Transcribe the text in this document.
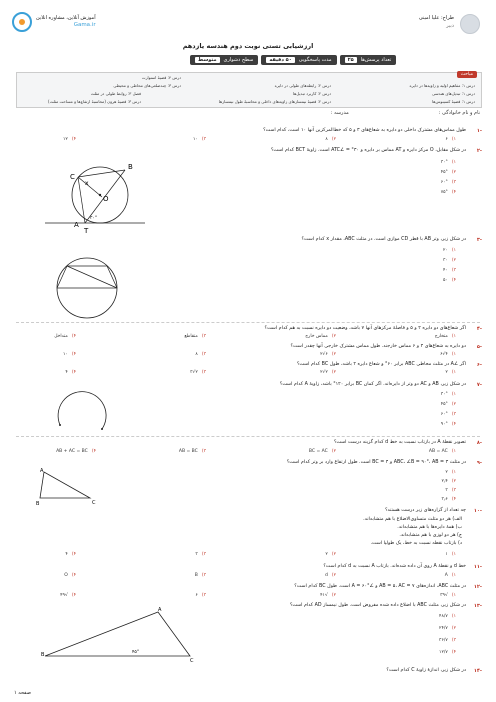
طراح: علیا امینی
دبیر
آموزش آنلاین، مشاوره انلاین
Gama.ir
ارزشیابی تستی نوبت دوم هندسه یازدهم
تعداد پرسش‌ها
۲۵
مدت پاسخگویی
۵۰ دقیقه
سطح دشواری
متوسط
مباحث
درس ۱: مفاهیم اولیه و زاویه‌ها در دایره
درس ۲: رابطه‌های طولی در دایره
درس ۳: چندضلعی‌های محاطی و محیطی
درس ۱: تبدیل‌های هندسی
درس ۲: کاربرد تبدیل‌ها
درس ۱: قضیهٔ کسینوس‌ها
درس ۲: قضیهٔ نیمسازهای زاویه‌های داخلی و محاسبهٔ طول نیمسازها
فصل ۳: روابط طولی در مثلث
درس ۳: قضیهٔ هرون (محاسبهٔ ارتفاع‌ها و مساحت مثلث)
درس ۴: قضیهٔ استوارت
نام و نام خانوادگی :
مدرسه :
۱-
طول مماس‌های مشترک داخلی دو دایره به شعاع‌های ۳ و ۵ که خط‌المرکزین آنها ۱۰ است، کدام است؟
۱)۶
۲)۸
۳)۱۰
۴)۱۲
۲-
در شکل مقابل، O مرکز دایره و AT مماس بر دایره و ۳۰° = ∠ATC است. زاویهٔ BCT کدام است؟
۱)۳۰°
۲)۴۵°
۳)۶۰°
۴)۷۵°
C
B
O
A
T
x
۳۰°
۳-
در شکل زیر، وتر AB با قطر CD موازی است. در مثلث ABC، مقدار x کدام است؟
۱)۲۰
۲)۳۰
۳)۴۰
۴)۵۰
۴-
اگر شعاع‌های دو دایره ۲ و ۵ و فاصلهٔ مرکزهای آنها ۷ باشد، وضعیت دو دایره نسبت به هم کدام است؟
۱)متخارج
۲)مماس خارج
۳)متقاطع
۴)متداخل
۵-
دو دایره به شعاع‌های ۴ و ۶ مماس خارجند. طول مماس مشترک خارجی آنها چقدر است؟
۱)۴√۶
۲)۶√۲
۳)۸
۴)۱۰
۶-
اگر ∠A در مثلث محاطی ABC برابر ۶۰° و شعاع دایره ۲ باشد، طول BC کدام است؟
۱)۲
۲)۲√۲
۳)۲√۳
۴)۴
۷-
در شکل زیر، AB و AC دو وتر از دایره‌اند. اگر کمان BC برابر ۱۲۰° باشد، زاویهٔ A کدام است؟
۱)۳۰°
۲)۴۵°
۳)۶۰°
۴)۹۰°
۸-
تصویر نقطهٔ A در بازتاب نسبت به خط d کدام گزینه درست است؟
۱)AB = AC
۲)BC = AC
۳)AB = BC
۴)AB + AC = BC
۹-
در مثلث ABC، ∠B = ۹۰°، AB = ۳ و BC = ۴ است. طول ارتفاع وارد بر وتر کدام است؟
۱)۲
۲)۲٫۴
۳)۳
۴)۳٫۶
B	C
A
۱۰-
چه تعداد از گزاره‌های زیر درست هستند؟
الف) هر دو مثلث متساوی‌الاضلاع با هم متشابه‌اند.
ب) همهٔ دایره‌ها با هم متشابه‌اند.
ج) هر دو لوزی با هم متشابه‌اند.
د) بازتاب نقطه نسبت به خط، یک طولپا است.
۱)۱
۲)۲
۳)۳
۴)۴
۱۱-
خط d و نقطهٔ A روی آن داده شده‌اند. بازتاب A نسبت به d کدام است؟
۱)A
۲)d
۳)B
۴)O
۱۲-
در مثلث ABC، اندازه‌های AB = ۵، AC = ۷ و ∠A = ۶۰° است. طول BC کدام است؟
۱)√۳۹
۲)√۴۱
۳)۶
۴)√۴۹
۱۳-
در شکل زیر، مثلث ABC با اضلاع داده شده مفروض است. طول نیمساز AD کدام است؟
۱)۴۸/۷
۲)۲۴/۷
۳)۳۶/۷
۴)۱۲/۷
B
A
C
۴۵°
۱۴-
در شکل زیر، اندازهٔ زاویهٔ C کدام است؟
صفحه ۱
